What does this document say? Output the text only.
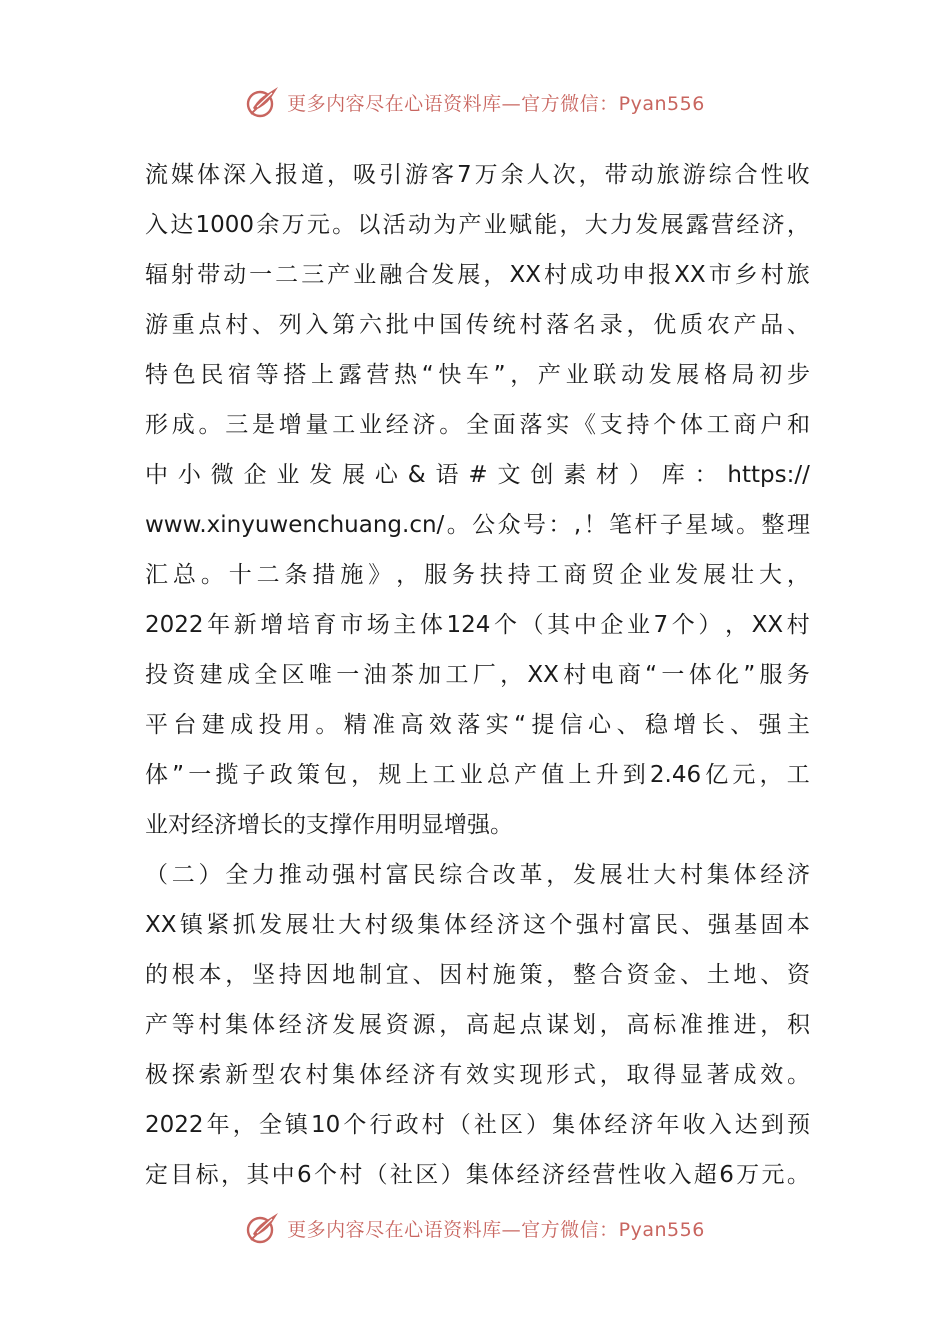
更多内容尽在心语资料库—官方微信：Pyan556
流 媒 体 深 入 报 道 ， 吸 引 游 客 7 万 余 人 次 ， 带 动 旅 游 综 合 性 收
入 达 1000 余 万 元 。 以 活 动 为 产 业 赋 能 ， 大 力 发 展 露 营 经 济 ，
辐 射 带 动 一 二 三 产 业 融 合 发 展 ， XX 村 成 功 申 报 XX 市 乡 村 旅
游 重 点 村 、 列 入 第 六 批 中 国 传 统 村 落 名 录 ， 优 质 农 产 品 、
特 色 民 宿 等 搭 上 露 营 热 “ 快 车 ” ， 产 业 联 动 发 展 格 局 初 步
形 成 。 三 是 增 量 工 业 经 济 。 全 面 落 实 《 支 持 个 体 工 商 户 和
中 小 微 企 业 发 展 心 & 语 # 文 创 素 材 ） 库 ： https://
www.xinyuwenchuang.cn/ 。 公 众 号 ： , ！ 笔 杆 子 星 域 。 整 理
汇 总 。 十 二 条 措 施 》 ， 服 务 扶 持 工 商 贸 企 业 发 展 壮 大 ，
2022 年 新 增 培 育 市 场 主 体 124 个 （ 其 中 企 业 7 个 ） ， XX 村
投 资 建 成 全 区 唯 一 油 茶 加 工 厂 ， XX 村 电 商 “ 一 体 化 ” 服 务
平 台 建 成 投 用 。 精 准 高 效 落 实 “ 提 信 心 、 稳 增 长 、 强 主
体 ” 一 揽 子 政 策 包 ， 规 上 工 业 总 产 值 上 升 到 2.46 亿 元 ， 工
业 对 经 济 增 长 的 支 撑 作 用 明 显 增 强 。
（ 二 ） 全 力 推 动 强 村 富 民 综 合 改 革 ， 发 展 壮 大 村 集 体 经 济
XX 镇 紧 抓 发 展 壮 大 村 级 集 体 经 济 这 个 强 村 富 民 、 强 基 固 本
的 根 本 ， 坚 持 因 地 制 宜 、 因 村 施 策 ， 整 合 资 金 、 土 地 、 资
产 等 村 集 体 经 济 发 展 资 源 ， 高 起 点 谋 划 ， 高 标 准 推 进 ， 积
极 探 索 新 型 农 村 集 体 经 济 有 效 实 现 形 式 ， 取 得 显 著 成 效 。
2022 年 ， 全 镇 10 个 行 政 村 （ 社 区 ） 集 体 经 济 年 收 入 达 到 预
定 目 标 ， 其 中 6 个 村 （ 社 区 ） 集 体 经 济 经 营 性 收 入 超 6 万 元 。
更多内容尽在心语资料库—官方微信：Pyan556
